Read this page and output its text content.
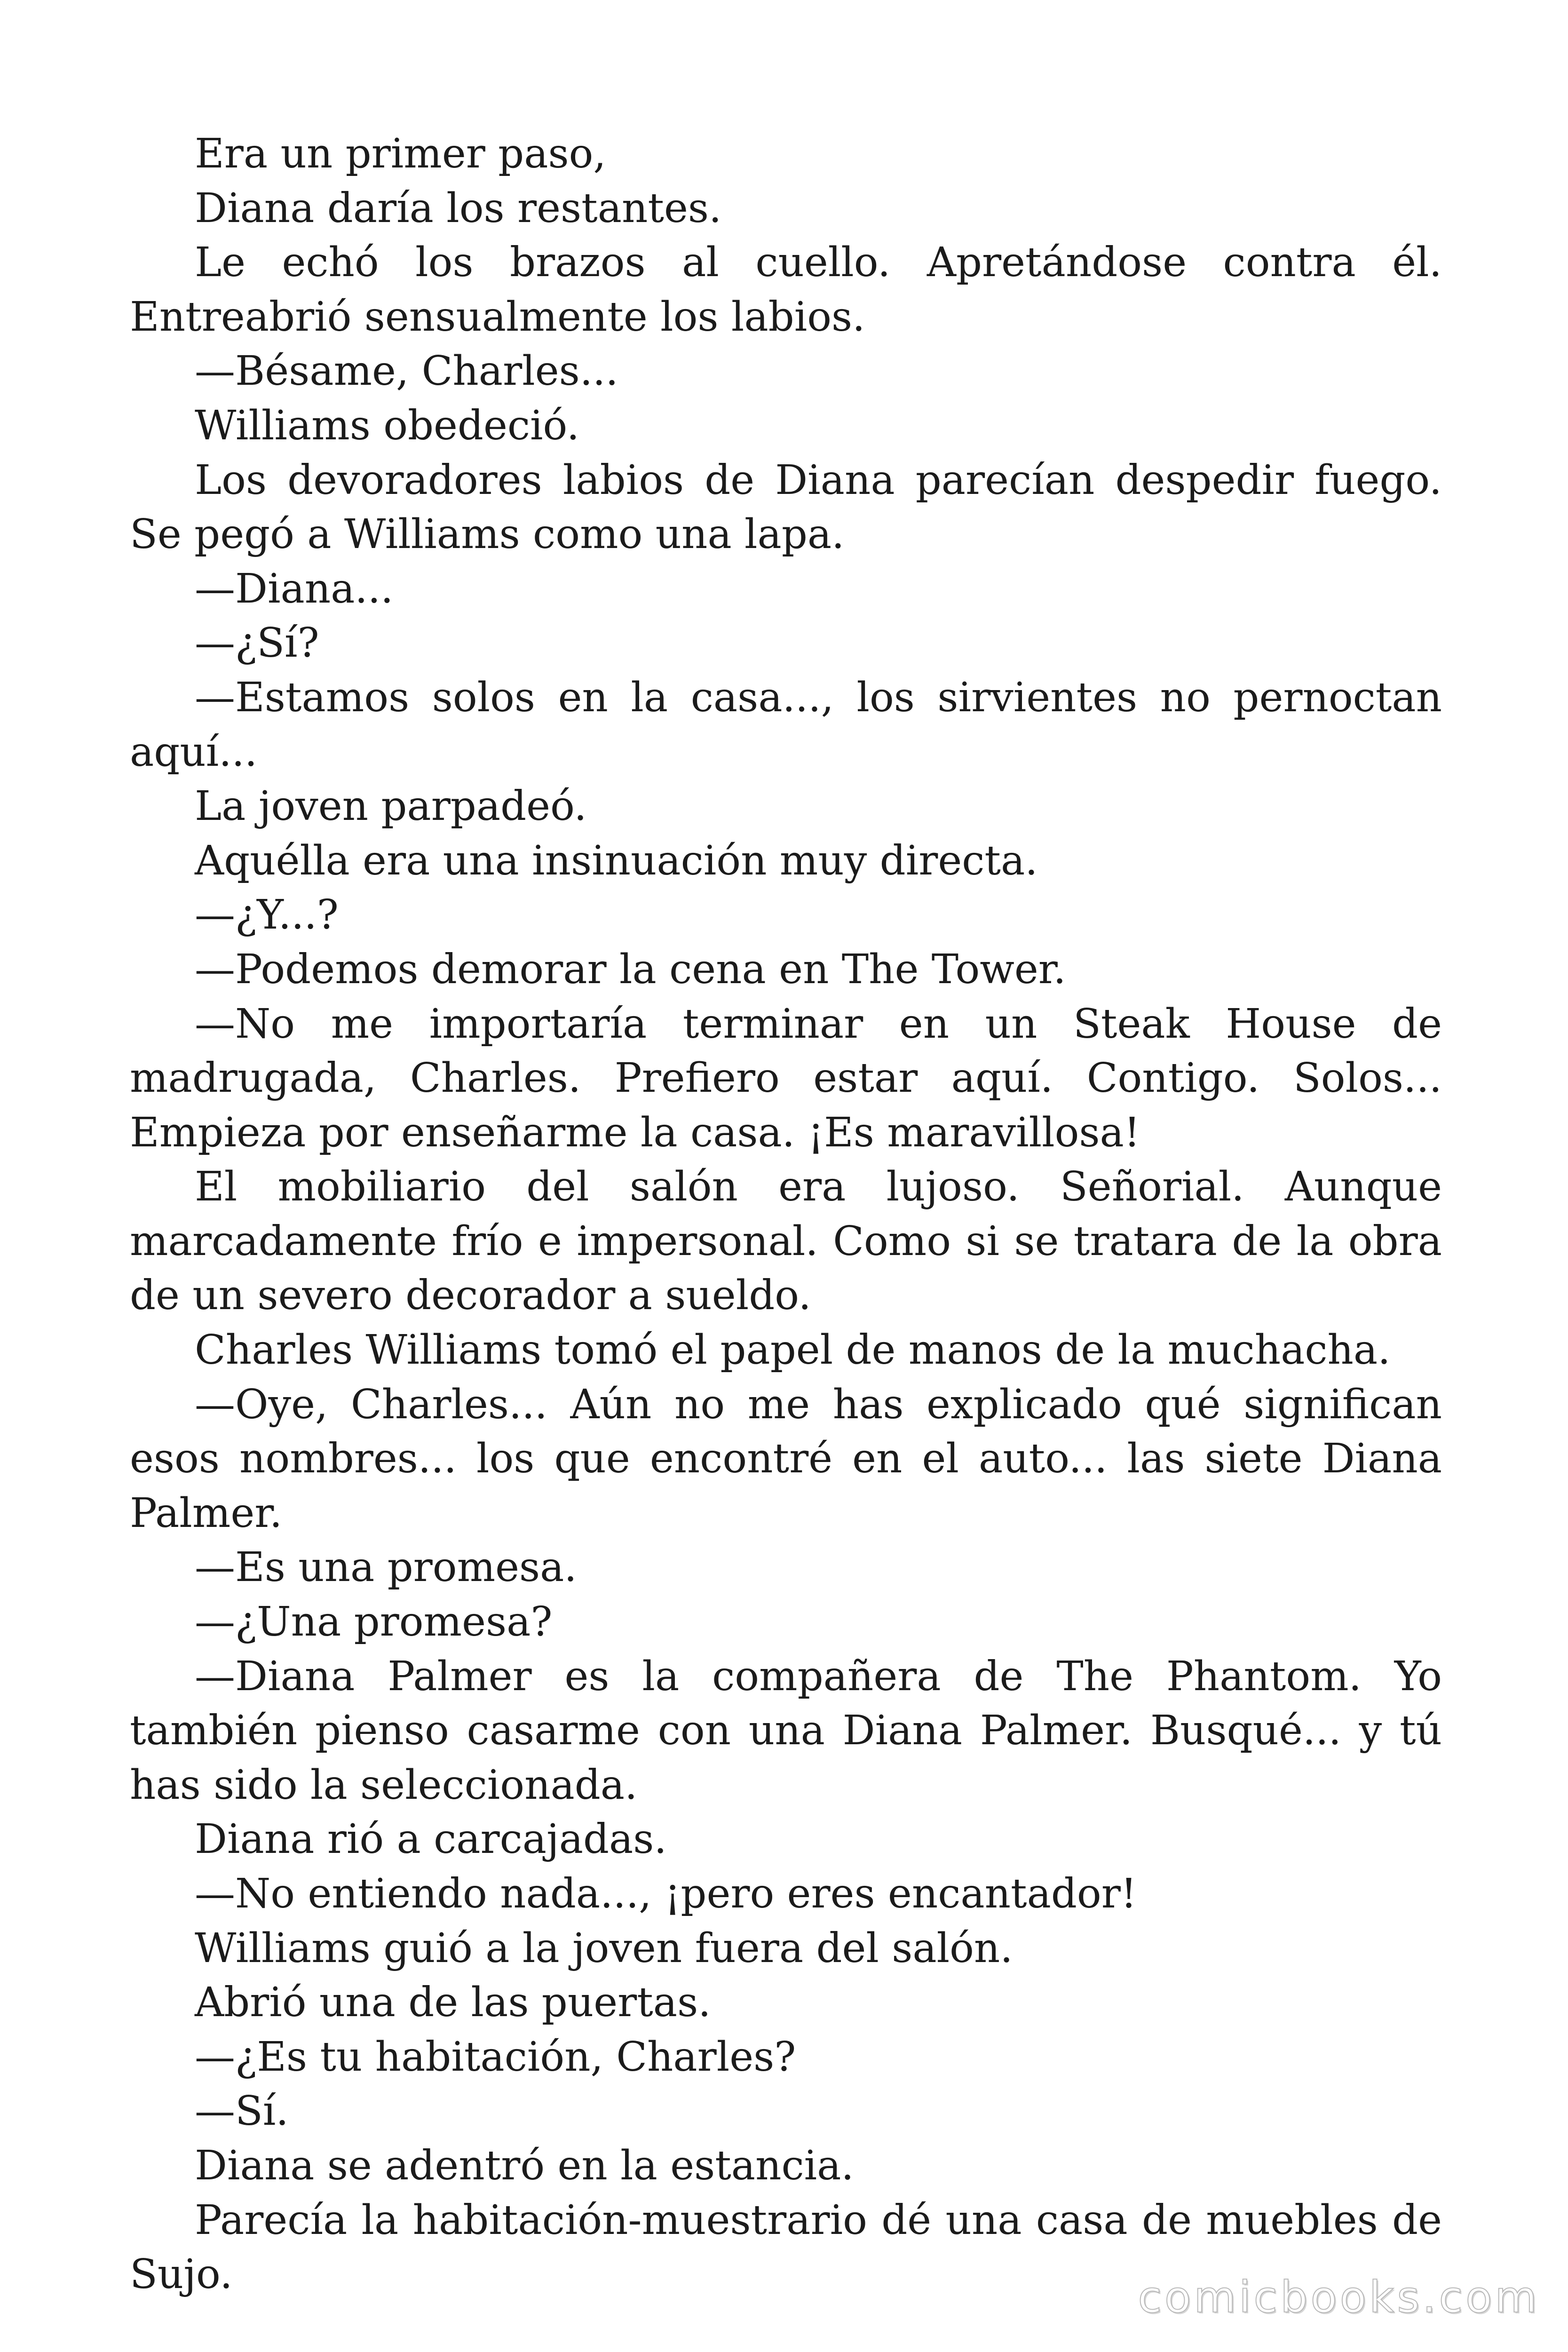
Era un primer paso,

Diana daría los restantes.

Le echó los brazos al cuello. Apretándose contra él. Entreabrió sensualmente los labios.

—Bésame, Charles...

Williams obedeció.

Los devoradores labios de Diana parecían despedir fuego. Se pegó a Williams como una lapa.

—Diana...

—¿Sí?

—Estamos solos en la casa..., los sirvientes no pernoctan aquí...

La joven parpadeó.

Aquélla era una insinuación muy directa.

—¿Y...?

—Podemos demorar la cena en The Tower.

—No me importaría terminar en un Steak House de madrugada, Charles. Prefiero estar aquí. Contigo. Solos... Empieza por enseñarme la casa. ¡Es maravillosa!

El mobiliario del salón era lujoso. Señorial. Aunque marcadamente frío e impersonal. Como si se tratara de la obra de un severo decorador a sueldo.

Charles Williams tomó el papel de manos de la muchacha.

—Oye, Charles... Aún no me has explicado qué significan esos nombres... los que encontré en el auto... las siete Diana Palmer.

—Es una promesa.

—¿Una promesa?

—Diana Palmer es la compañera de The Phantom. Yo también pienso casarme con una Diana Palmer. Busqué... y tú has sido la seleccionada.

Diana rió a carcajadas.

—No entiendo nada..., ¡pero eres encantador!

Williams guió a la joven fuera del salón.

Abrió una de las puertas.

—¿Es tu habitación, Charles?

—Sí.

Diana se adentró en la estancia.

Parecía la habitación-muestrario dé una casa de muebles de Sujo.	comicbooks.com
